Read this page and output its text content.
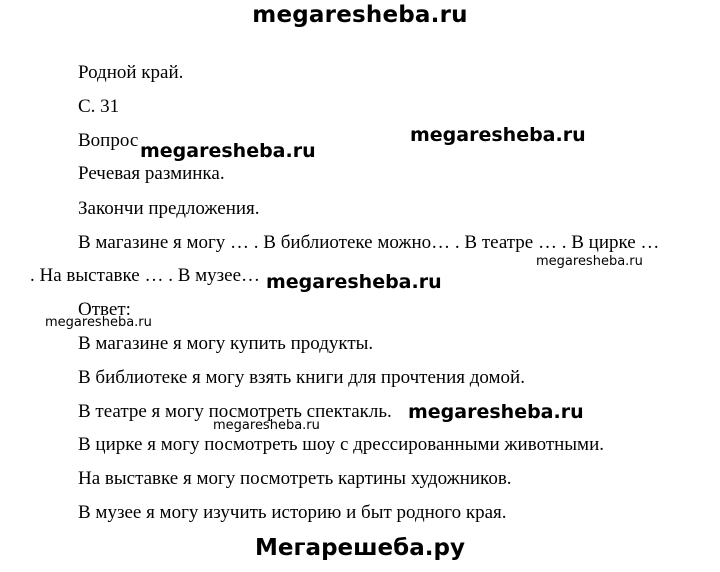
megaresheba.ru
Родной край.
С. 31
Вопрос
Речевая разминка.
Закончи предложения.
В магазине я могу … . В библиотеке можно… . В театре … . В цирке …
. На выставке … . В музее…
Ответ:
В магазине я могу купить продукты.
В библиотеке я могу взять книги для прочтения домой.
В театре я могу посмотреть спектакль.
В цирке я могу посмотреть шоу с дрессированными животными.
На выставке я могу посмотреть картины художников.
В музее я могу изучить историю и быт родного края.
megaresheba.ru
megaresheba.ru
megaresheba.ru
megaresheba.ru
megaresheba.ru
megaresheba.ru
megaresheba.ru
Мегарешеба.ру
